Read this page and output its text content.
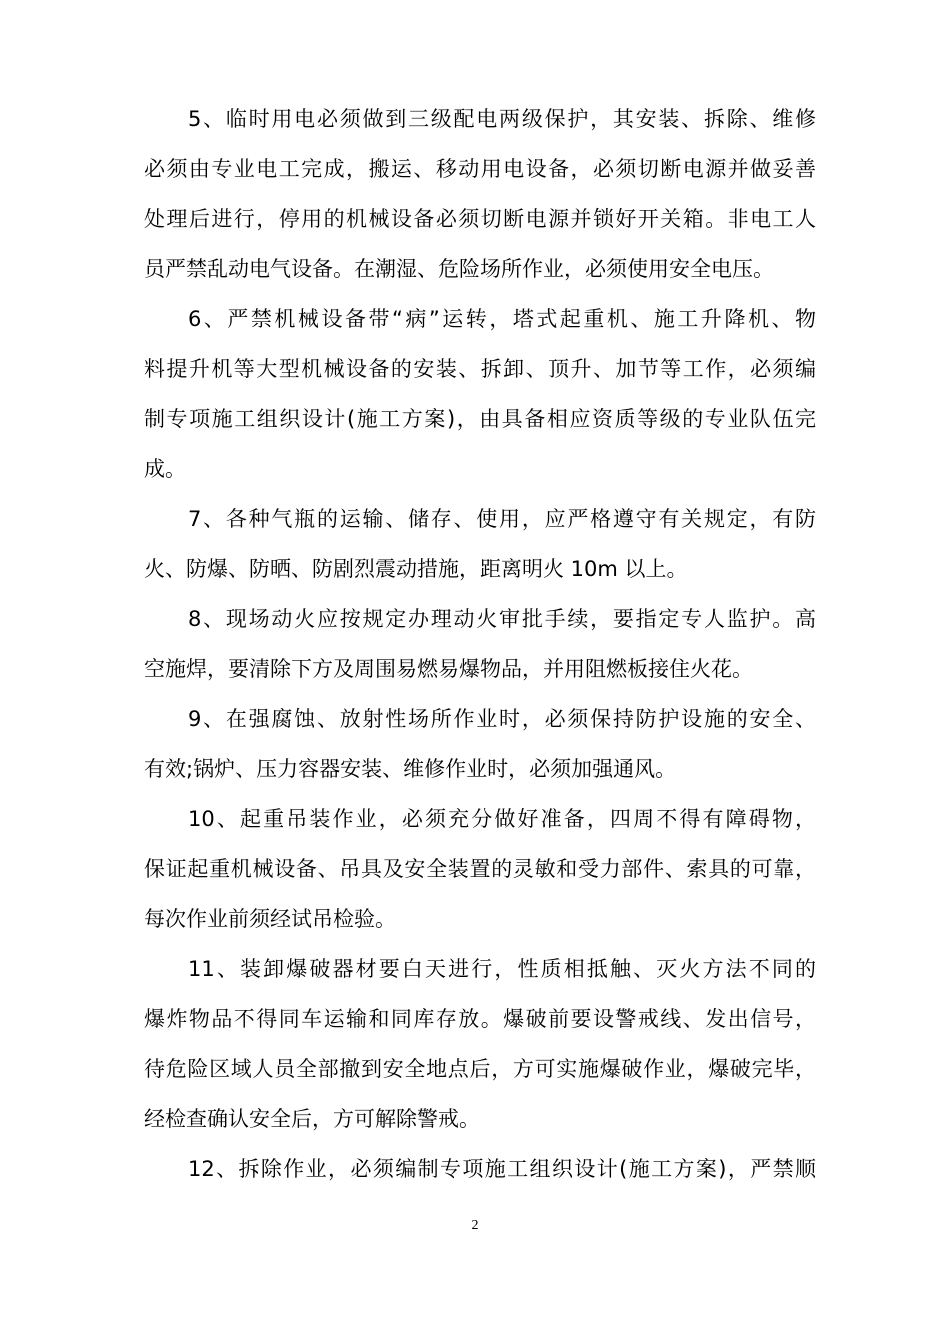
5、临时用电必须做到三级配电两级保护，其安装、拆除、维修
必须由专业电工完成，搬运、移动用电设备，必须切断电源并做妥善
处理后进行，停用的机械设备必须切断电源并锁好开关箱。非电工人
员严禁乱动电气设备。在潮湿、危险场所作业，必须使用安全电压。
6、严禁机械设备带“病”运转，塔式起重机、施工升降机、物
料提升机等大型机械设备的安装、拆卸、顶升、加节等工作，必须编
制专项施工组织设计(施工方案)，由具备相应资质等级的专业队伍完
成。
7、各种气瓶的运输、储存、使用，应严格遵守有关规定，有防
火、防爆、防晒、防剧烈震动措施，距离明火 10m 以上。
8、现场动火应按规定办理动火审批手续，要指定专人监护。高
空施焊，要清除下方及周围易燃易爆物品，并用阻燃板接住火花。
9、在强腐蚀、放射性场所作业时，必须保持防护设施的安全、
有效;锅炉、压力容器安装、维修作业时，必须加强通风。
10、起重吊装作业，必须充分做好准备，四周不得有障碍物，
保证起重机械设备、吊具及安全装置的灵敏和受力部件、索具的可靠，
每次作业前须经试吊检验。
11、装卸爆破器材要白天进行，性质相抵触、灭火方法不同的
爆炸物品不得同车运输和同库存放。爆破前要设警戒线、发出信号，
待危险区域人员全部撤到安全地点后，方可实施爆破作业，爆破完毕，
经检查确认安全后，方可解除警戒。
12、拆除作业，必须编制专项施工组织设计(施工方案)，严禁顺
2
